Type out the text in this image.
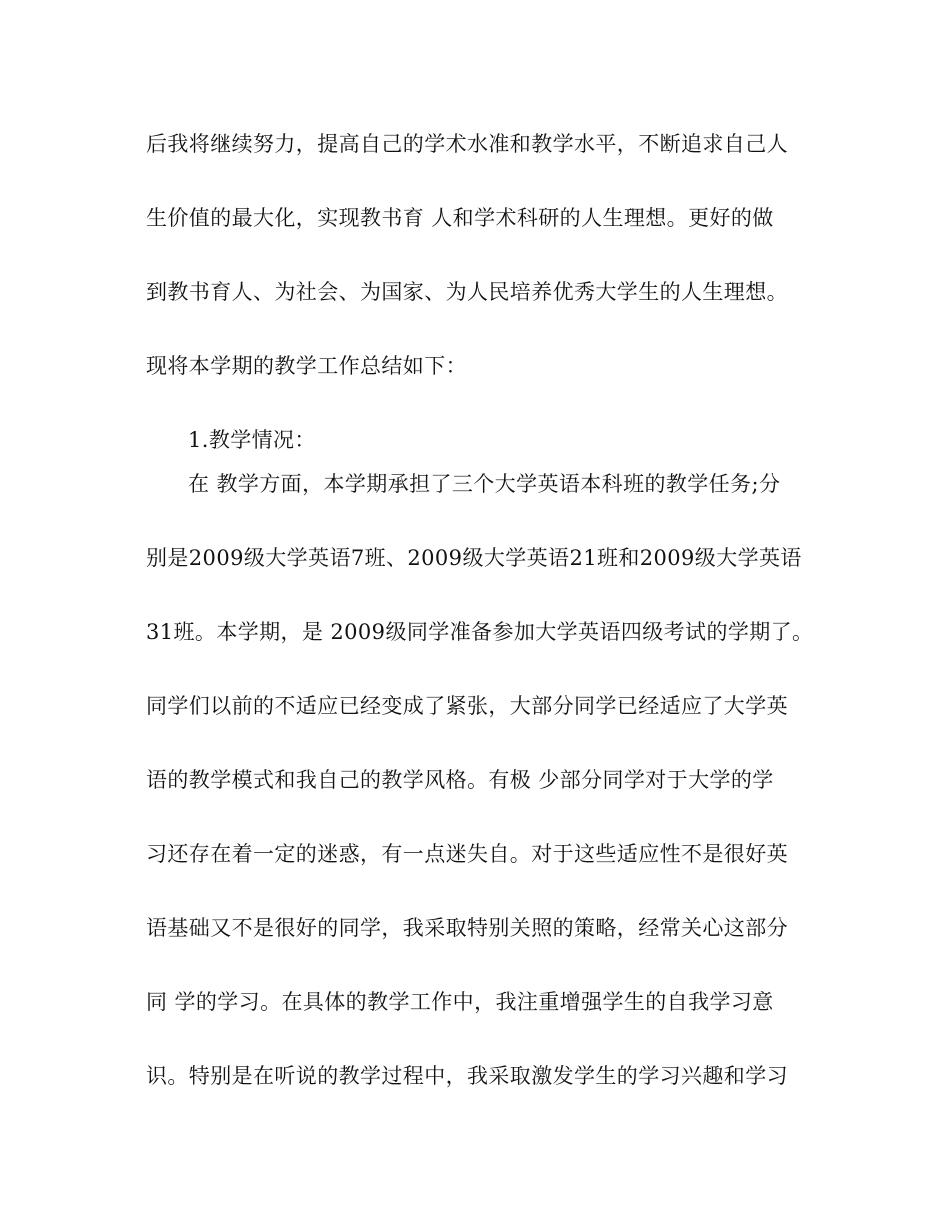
后我将继续努力，提高自己的学术水准和教学水平，不断追求自己人
生价值的最大化，实现教书育 人和学术科研的人生理想。更好的做
到教书育人、为社会、为国家、为人民培养优秀大学生的人生理想。
现将本学期的教学工作总结如下：
1.教学情况：
在 教学方面，本学期承担了三个大学英语本科班的教学任务;分
别是2009级大学英语7班、2009级大学英语21班和2009级大学英语
31班。本学期，是 2009级同学准备参加大学英语四级考试的学期了。
同学们以前的不适应已经变成了紧张，大部分同学已经适应了大学英
语的教学模式和我自己的教学风格。有极 少部分同学对于大学的学
习还存在着一定的迷惑，有一点迷失自。对于这些适应性不是很好英
语基础又不是很好的同学，我采取特别关照的策略，经常关心这部分
同 学的学习。在具体的教学工作中，我注重增强学生的自我学习意
识。特别是在听说的教学过程中，我采取激发学生的学习兴趣和学习
